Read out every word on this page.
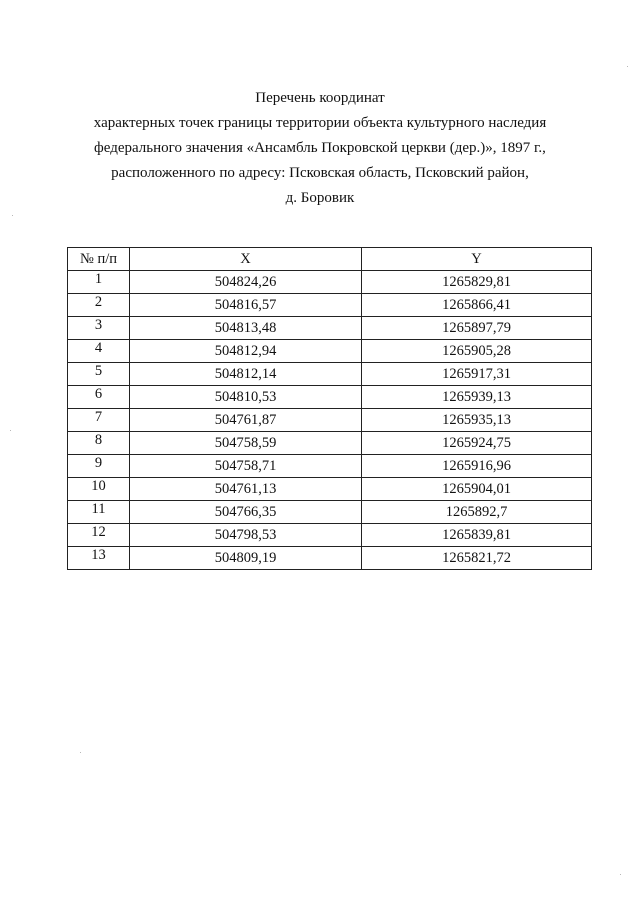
Перечень координат
характерных точек границы территории объекта культурного наследия
федерального значения «Ансамбль Покровской церкви (дер.)», 1897 г.,
расположенного по адресу: Псковская область, Псковский район,
д. Боровик
№ п/п	X	Y
1	504824,26	1265829,81
2	504816,57	1265866,41
3	504813,48	1265897,79
4	504812,94	1265905,28
5	504812,14	1265917,31
6	504810,53	1265939,13
7	504761,87	1265935,13
8	504758,59	1265924,75
9	504758,71	1265916,96
10	504761,13	1265904,01
11	504766,35	1265892,7
12	504798,53	1265839,81
13	504809,19	1265821,72
